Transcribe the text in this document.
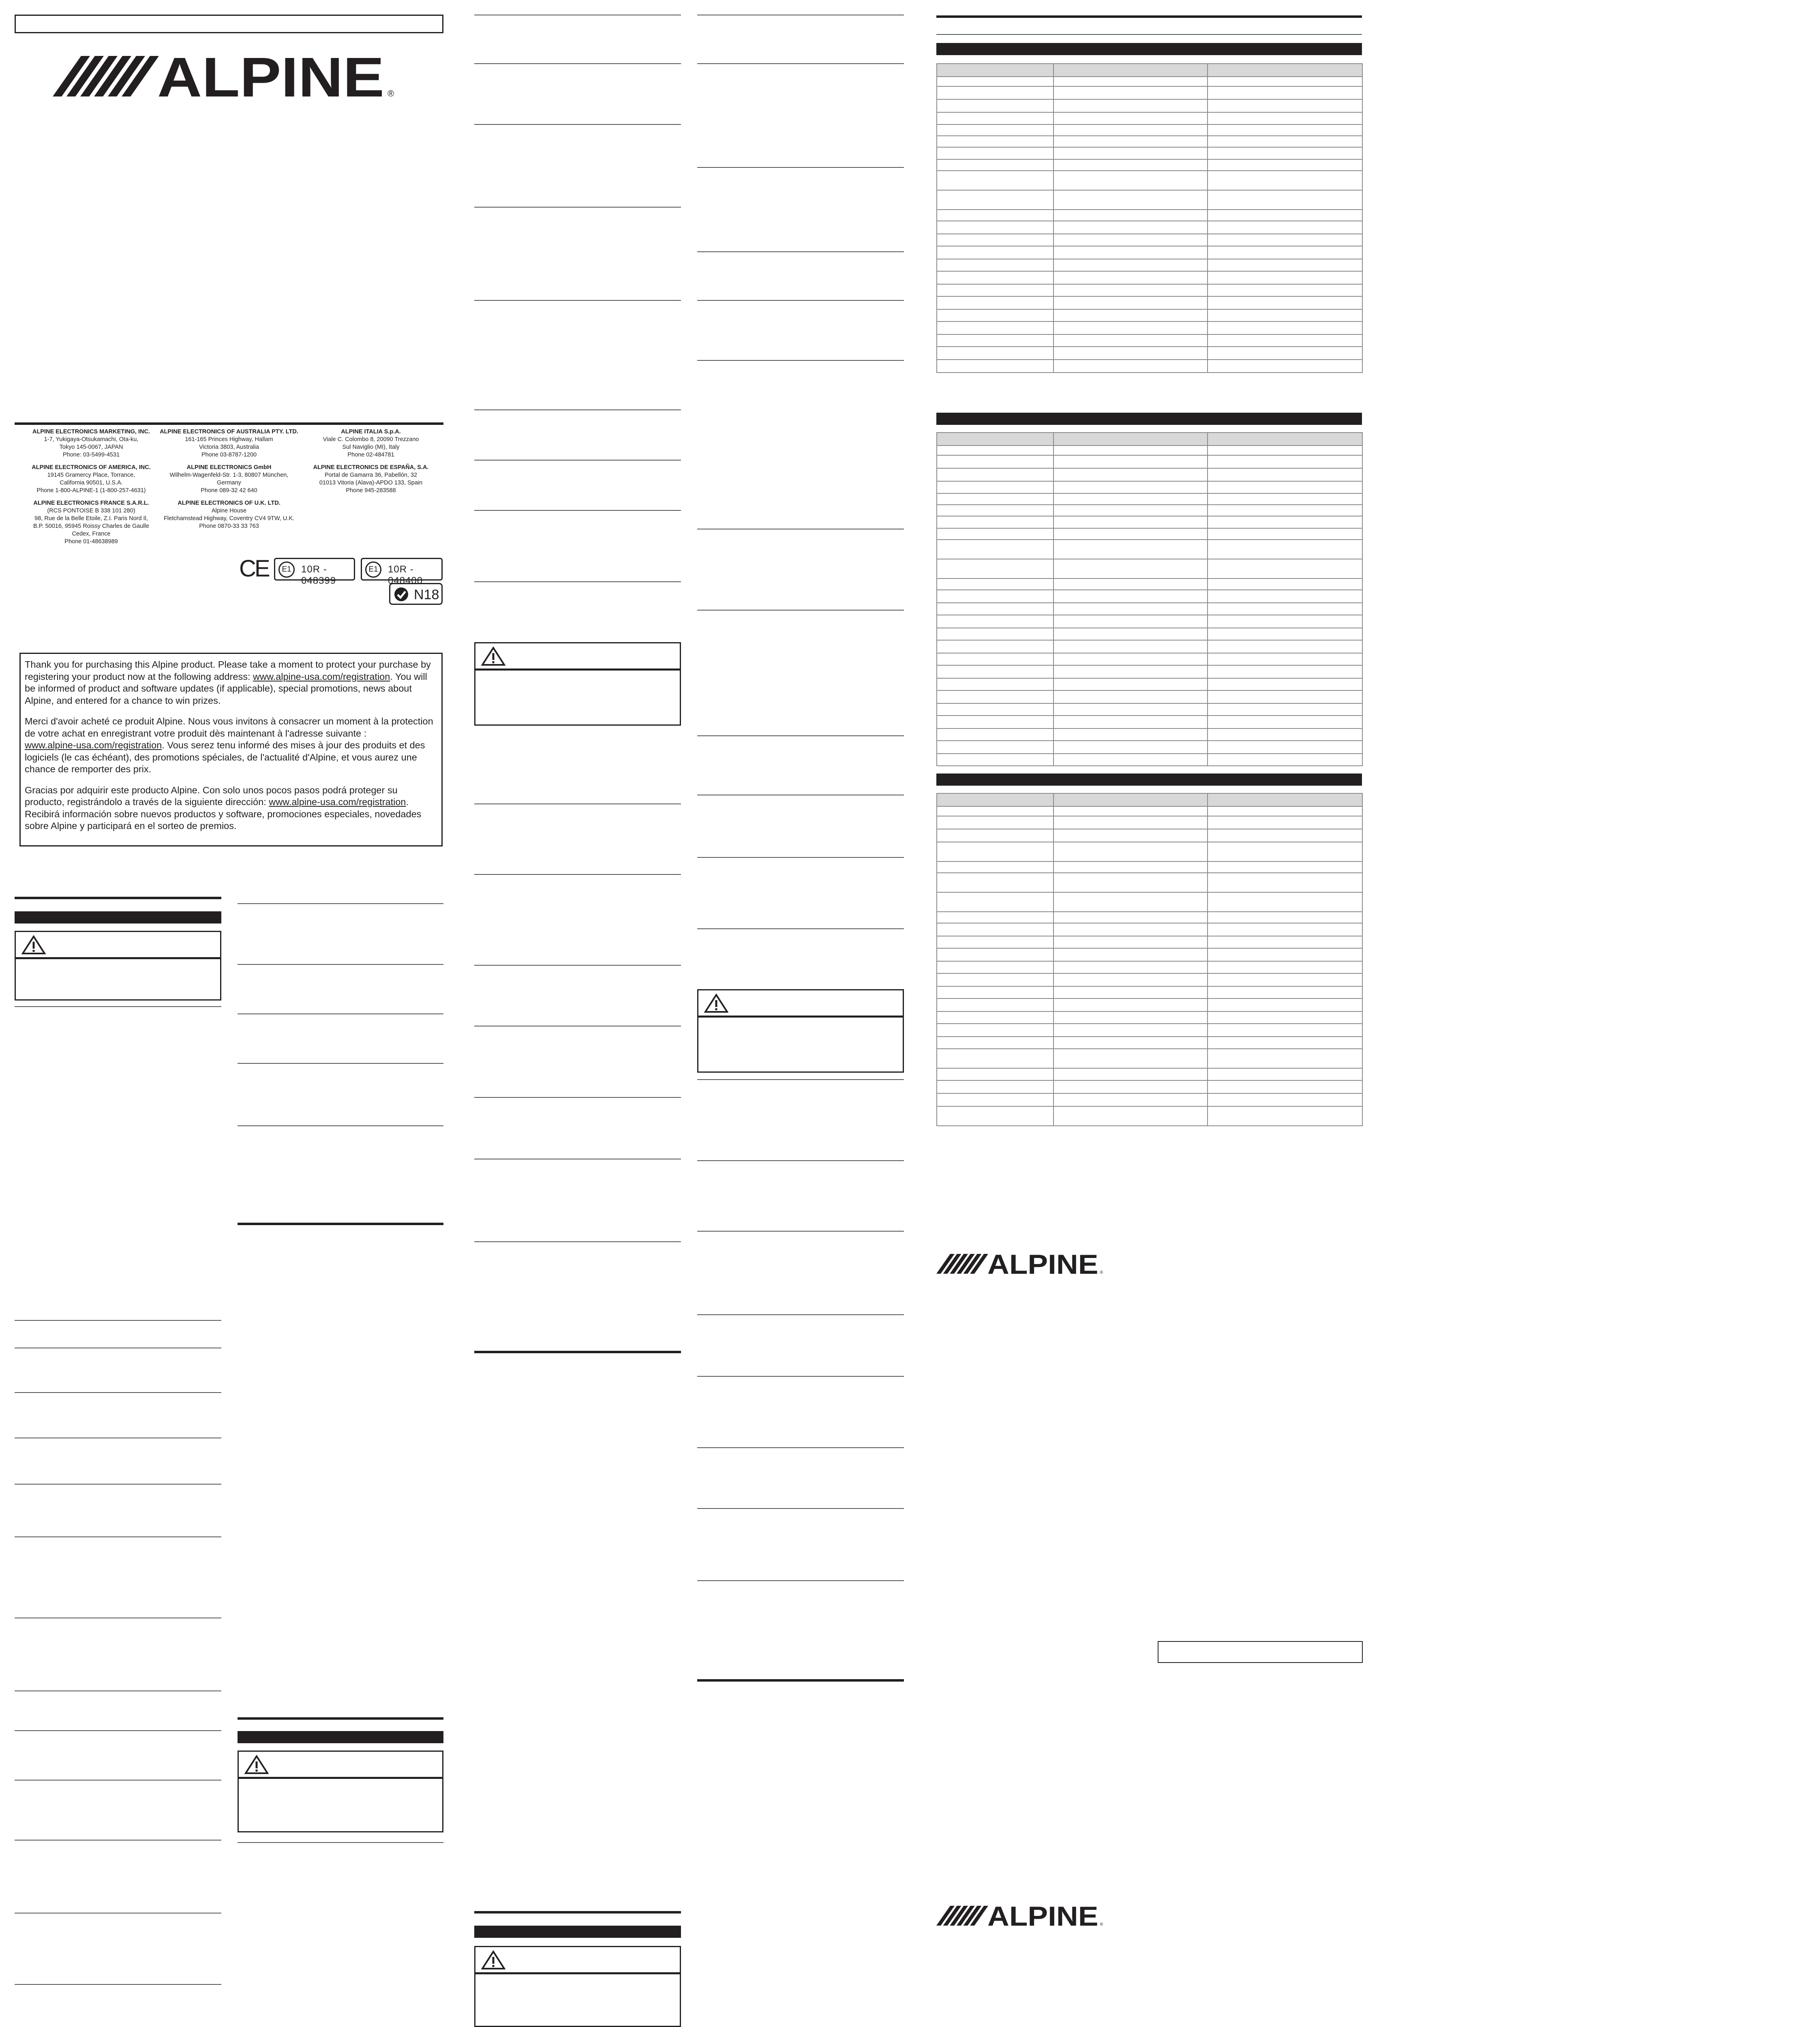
ALPINE ®
ALPINE ELECTRONICS MARKETING, INC.
1-7, Yukigaya-Otsukamachi, Ota-ku,
Tokyo 145-0067, JAPAN
Phone: 03-5499-4531
ALPINE ELECTRONICS OF AUSTRALIA PTY. LTD.
161-165 Princes Highway, Hallam
Victoria 3803, Australia
Phone 03-8787-1200
ALPINE ITALIA S.p.A.
Viale C. Colombo 8, 20090 Trezzano
Sul Naviglio (MI), Italy
Phone 02-484781
ALPINE ELECTRONICS OF AMERICA, INC.
19145 Gramercy Place, Torrance,
California 90501, U.S.A.
Phone 1-800-ALPINE-1 (1-800-257-4631)
ALPINE ELECTRONICS GmbH
Wilhelm-Wagenfeld-Str. 1-3, 80807 München,
Germany
Phone 089-32 42 640
ALPINE ELECTRONICS DE ESPAÑA, S.A.
Portal de Gamarra 36, Pabellón, 32
01013 Vitoria (Alava)-APDO 133, Spain
Phone 945-283588
ALPINE ELECTRONICS FRANCE S.A.R.L.
(RCS PONTOISE B 338 101 280)
98, Rue de la Belle Etoile, Z.I. Paris Nord Il,
B.P. 50016, 95945 Roissy Charles de Gaulle
Cedex, France
Phone 01-48638989
ALPINE ELECTRONICS OF U.K. LTD.
Alpine House
Fletchamstead Highway, Coventry CV4 9TW, U.K.
Phone 0870-33 33 763
CE	E1	10R - 048399
E1	10R - 048400
N18

Thank you for purchasing this Alpine product. Please take a moment to protect your purchase by registering your product now at the following address: www.alpine-usa.com/registration. You will be informed of product and software updates (if applicable), special promotions, news about Alpine, and entered for a chance to win prizes.

Merci d'avoir acheté ce produit Alpine. Nous vous invitons à consacrer un moment à la protection de votre achat en enregistrant votre produit dès maintenant à l'adresse suivante :
www.alpine-usa.com/registration. Vous serez tenu informé des mises à jour des produits et des logiciels (le cas échéant), des promotions spéciales, de l'actualité d'Alpine, et vous aurez une chance de remporter des prix.

Gracias por adquirir este producto Alpine. Con solo unos pocos pasos podrá proteger su producto, registrándolo a través de la siguiente dirección: www.alpine-usa.com/registration. Recibirá información sobre nuevos productos y software, promociones especiales, novedades sobre Alpine y participará en el sorteo de premios.

ALPINE ®
ALPINE ®
